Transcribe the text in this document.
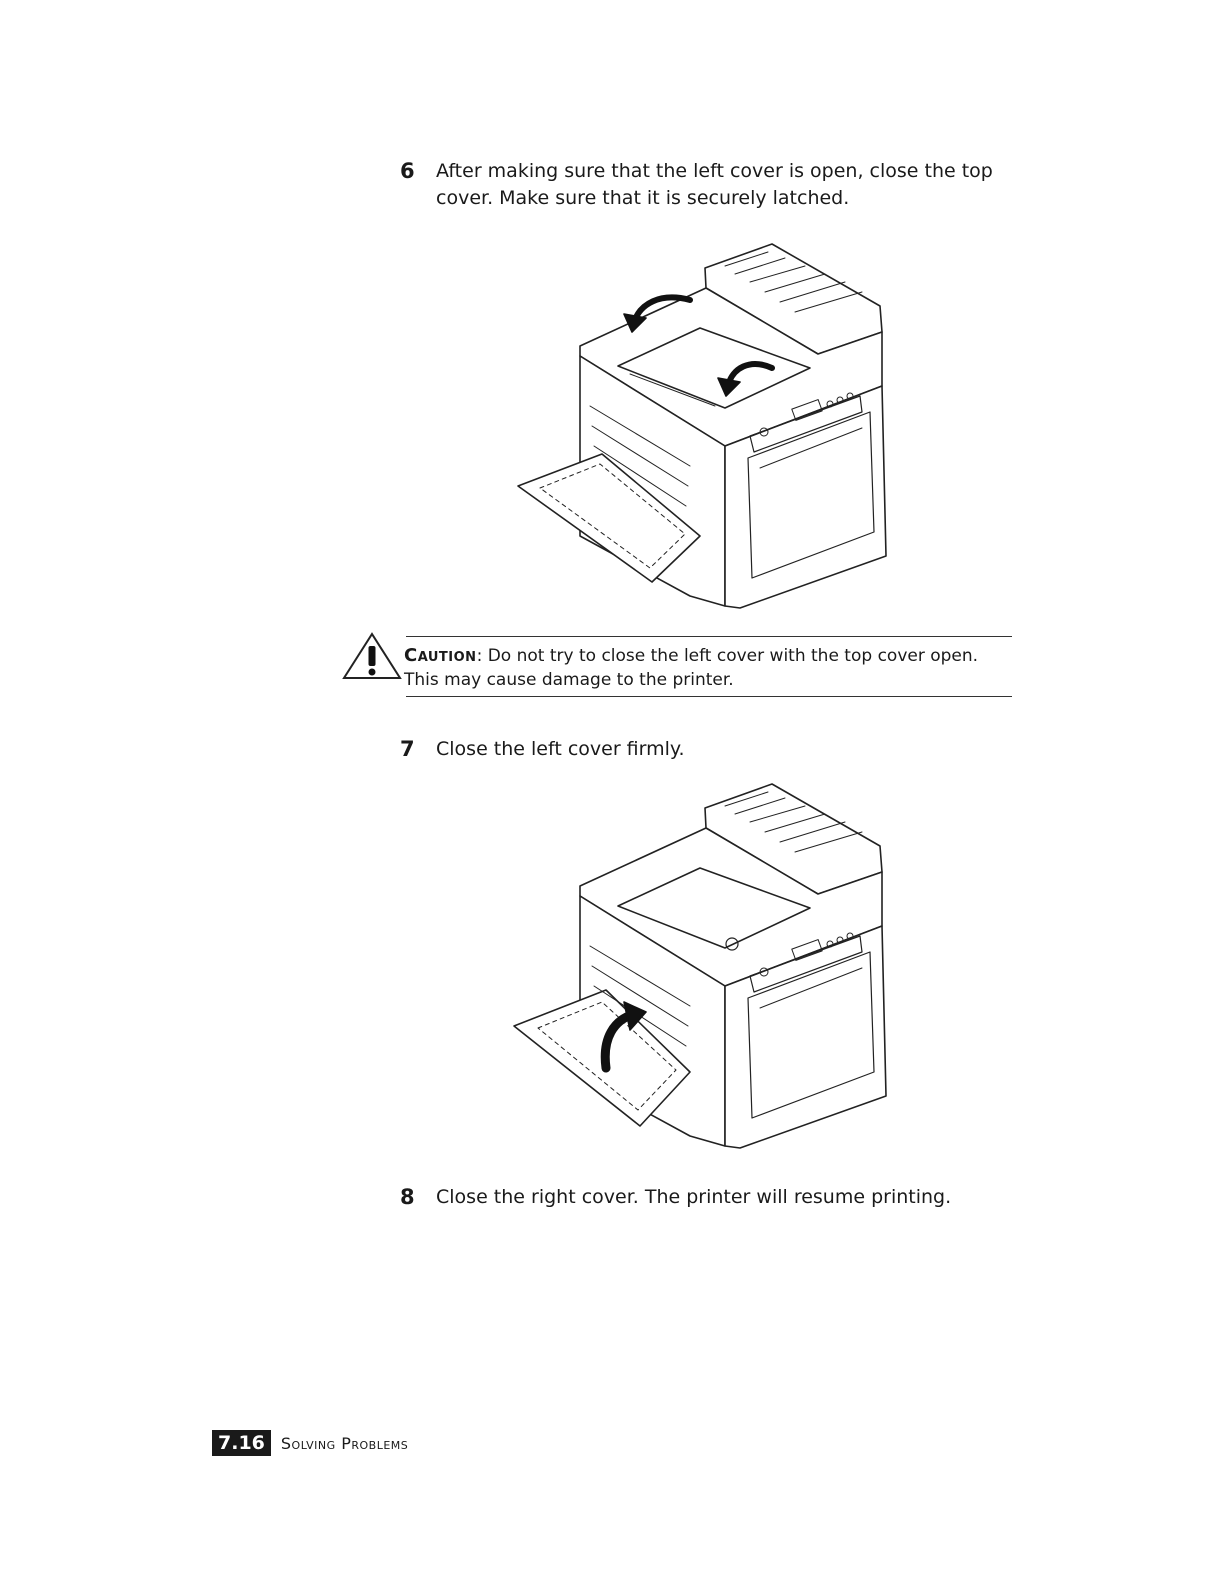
6 After making sure that the left cover is open, close the top cover. Make sure that it is securely latched.
Caution: Do not try to close the left cover with the top cover open. This may cause damage to the printer.
7 Close the left cover firmly.
8 Close the right cover. The printer will resume printing.
7.16	Solving Problems
